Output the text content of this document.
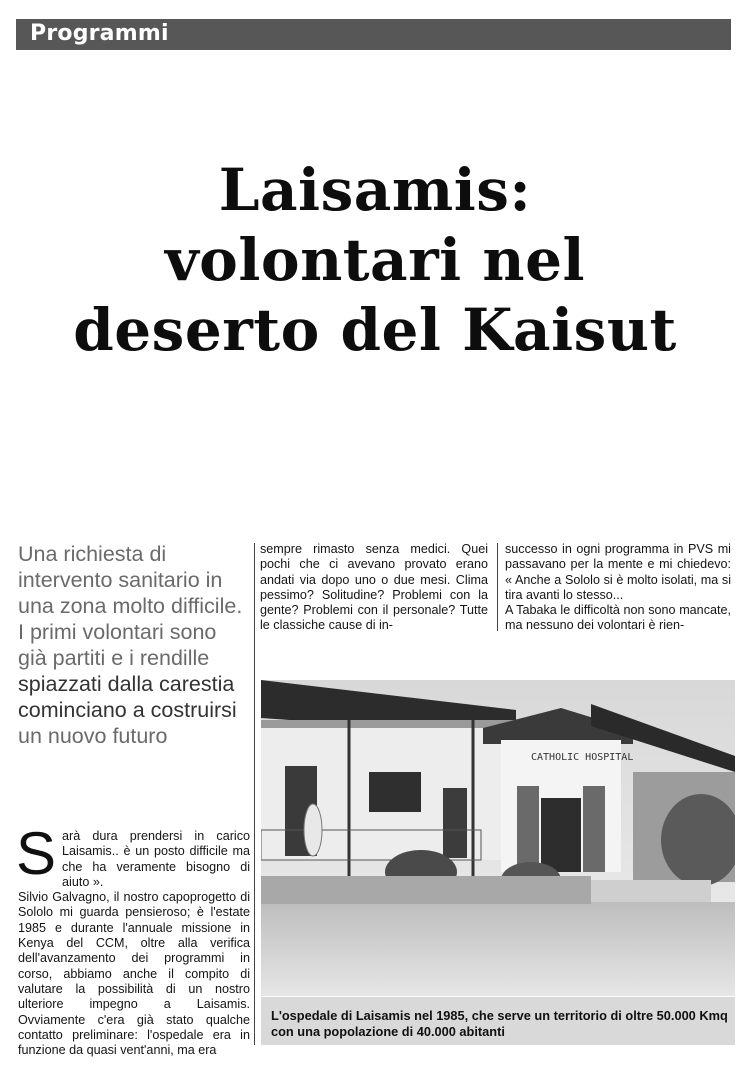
Programmi
Laisamis:
volontari nel
deserto del Kaisut
Una richiesta di intervento sanitario in una zona molto difficile. I primi volontari sono già partiti e i rendille spiazzati dalla carestia cominciano a costruirsi un nuovo futuro
S arà dura prendersi in carico Laisamis.. è un posto difficile ma che ha veramente bisogno di aiuto ».
Silvio Galvagno, il nostro capoprogetto di Sololo mi guarda pensieroso; è l'estate 1985 e durante l'annuale missione in Kenya del CCM, oltre alla verifica dell'avanzamento dei programmi in corso, abbiamo anche il compito di valutare la possibilità di un nostro ulteriore impegno a Laisamis. Ovviamente c'era già stato qualche contatto preliminare: l'ospedale era in funzione da quasi vent'anni, ma era
sempre rimasto senza medici. Quei pochi che ci avevano provato erano andati via dopo uno o due mesi. Clima pessimo? Solitudine? Problemi con la gente? Problemi con il personale? Tutte le classiche cause di in-
successo in ogni programma in PVS mi passavano per la mente e mi chiedevo: « Anche a Sololo si è molto isolati, ma si tira avanti lo stesso...
A Tabaka le difficoltà non sono mancate, ma nessuno dei volontari è rien-
CATHOLIC HOSPITAL
L'ospedale di Laisamis nel 1985, che serve un territorio di oltre 50.000 Kmq con una popolazione di 40.000 abitanti
